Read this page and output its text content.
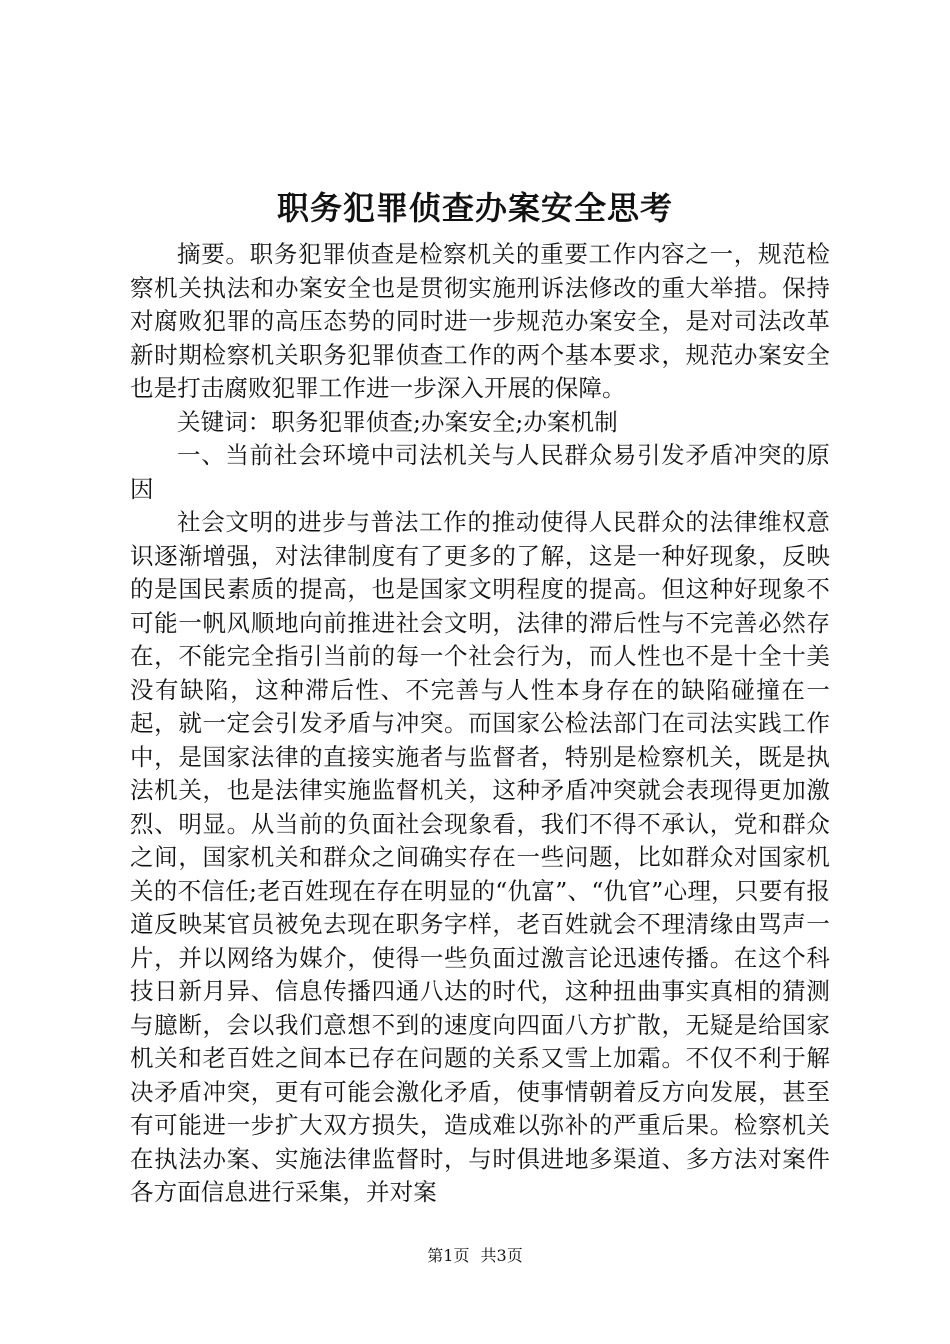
职务犯罪侦查办案安全思考

摘要。职务犯罪侦查是检察机关的重要工作内容之一，规范检察机关执法和办案安全也是贯彻实施刑诉法修改的重大举措。保持对腐败犯罪的高压态势的同时进一步规范办案安全，是对司法改革新时期检察机关职务犯罪侦查工作的两个基本要求，规范办案安全也是打击腐败犯罪工作进一步深入开展的保障。

关键词：职务犯罪侦查;办案安全;办案机制

一、当前社会环境中司法机关与人民群众易引发矛盾冲突的原因

社会文明的进步与普法工作的推动使得人民群众的法律维权意识逐渐增强，对法律制度有了更多的了解，这是一种好现象，反映的是国民素质的提高，也是国家文明程度的提高。但这种好现象不可能一帆风顺地向前推进社会文明，法律的滞后性与不完善必然存在，不能完全指引当前的每一个社会行为，而人性也不是十全十美没有缺陷，这种滞后性、不完善与人性本身存在的缺陷碰撞在一起，就一定会引发矛盾与冲突。而国家公检法部门在司法实践工作中，是国家法律的直接实施者与监督者，特别是检察机关，既是执法机关，也是法律实施监督机关，这种矛盾冲突就会表现得更加激烈、明显。从当前的负面社会现象看，我们不得不承认，党和群众之间，国家机关和群众之间确实存在一些问题，比如群众对国家机关的不信任;老百姓现在存在明显的“仇富”、“仇官”心理，只要有报道反映某官员被免去现在职务字样，老百姓就会不理清缘由骂声一片，并以网络为媒介，使得一些负面过激言论迅速传播。在这个科技日新月异、信息传播四通八达的时代，这种扭曲事实真相的猜测与臆断，会以我们意想不到的速度向四面八方扩散，无疑是给国家机关和老百姓之间本已存在问题的关系又雪上加霜。不仅不利于解决矛盾冲突，更有可能会激化矛盾，使事情朝着反方向发展，甚至有可能进一步扩大双方损失，造成难以弥补的严重后果。检察机关在执法办案、实施法律监督时，与时俱进地多渠道、多方法对案件各方面信息进行采集，并对案

第1页 共3页
